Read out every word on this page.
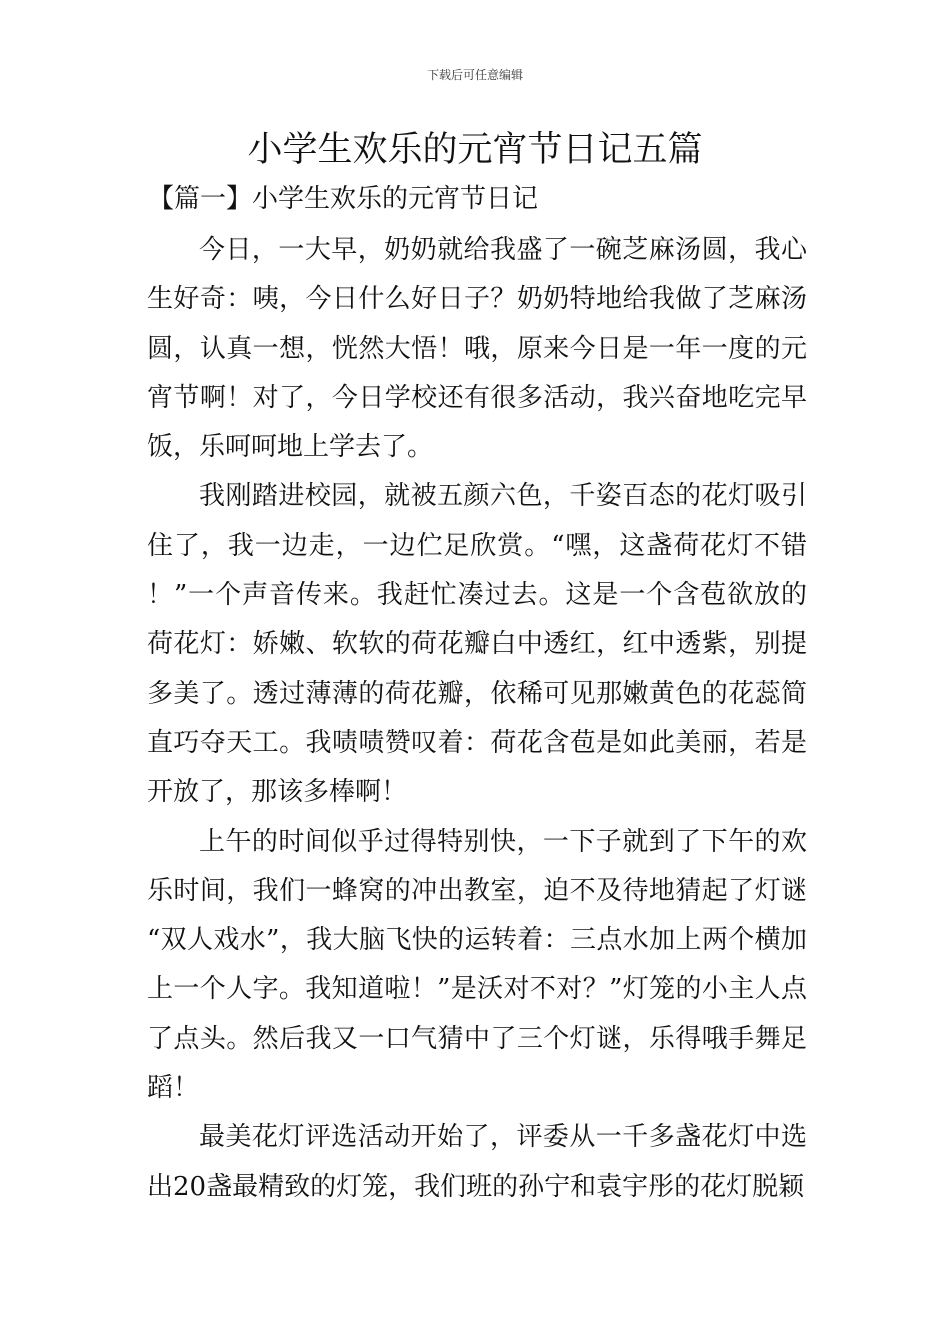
下载后可任意编辑
小学生欢乐的元宵节日记五篇
【篇一】小学生欢乐的元宵节日记

今日，一大早，奶奶就给我盛了一碗芝麻汤圆，我心生好奇：咦，今日什么好日子？奶奶特地给我做了芝麻汤圆，认真一想，恍然大悟！哦，原来今日是一年一度的元宵节啊！对了，今日学校还有很多活动，我兴奋地吃完早饭，乐呵呵地上学去了。

我刚踏进校园，就被五颜六色，千姿百态的花灯吸引住了，我一边走，一边伫足欣赏。“嘿，这盏荷花灯不错！”一个声音传来。我赶忙凑过去。这是一个含苞欲放的荷花灯：娇嫩、软软的荷花瓣白中透红，红中透紫，别提多美了。透过薄薄的荷花瓣，依稀可见那嫩黄色的花蕊简直巧夺天工。我啧啧赞叹着：荷花含苞是如此美丽，若是开放了，那该多棒啊！

上午的时间似乎过得特别快，一下子就到了下午的欢乐时间，我们一蜂窝的冲出教室，迫不及待地猜起了灯谜“双人戏水”，我大脑飞快的运转着：三点水加上两个横加上一个人字。我知道啦！”是沃对不对？”灯笼的小主人点了点头。然后我又一口气猜中了三个灯谜，乐得哦手舞足蹈！

最美花灯评选活动开始了，评委从一千多盏花灯中选出20盏最精致的灯笼，我们班的孙宁和袁宇彤的花灯脱颖
